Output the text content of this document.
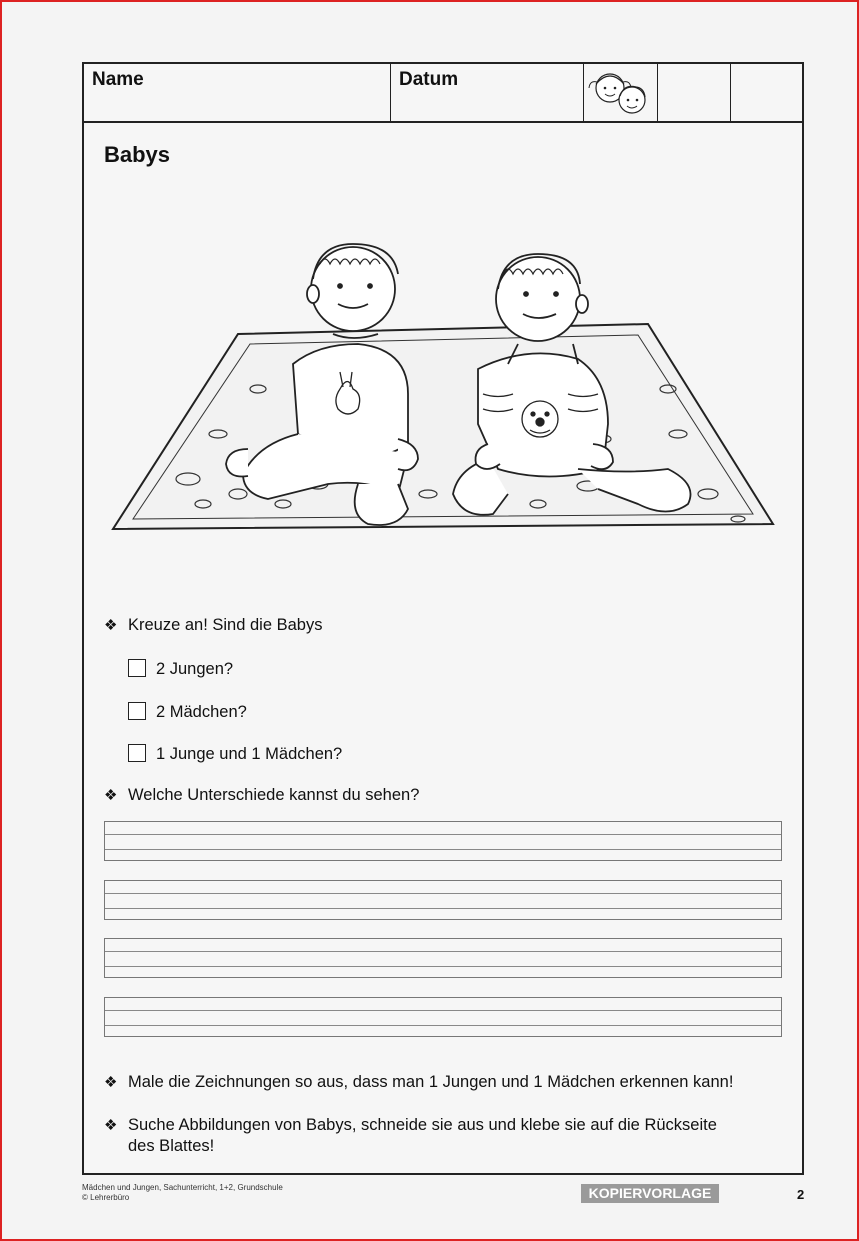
Name	Datum
Babys
❖ Kreuze an! Sind die Babys
2 Jungen?
2 Mädchen?
1 Junge und 1 Mädchen?
❖ Welche Unterschiede kannst du sehen?
❖ Male die Zeichnungen so aus, dass man 1 Jungen und 1 Mädchen erkennen kann!
❖ Suche Abbildungen von Babys, schneide sie aus und klebe sie auf die Rückseite
des Blattes!
Mädchen und Jungen, Sachunterricht, 1+2, Grundschule
© Lehrerbüro	KOPIERVORLAGE	2
